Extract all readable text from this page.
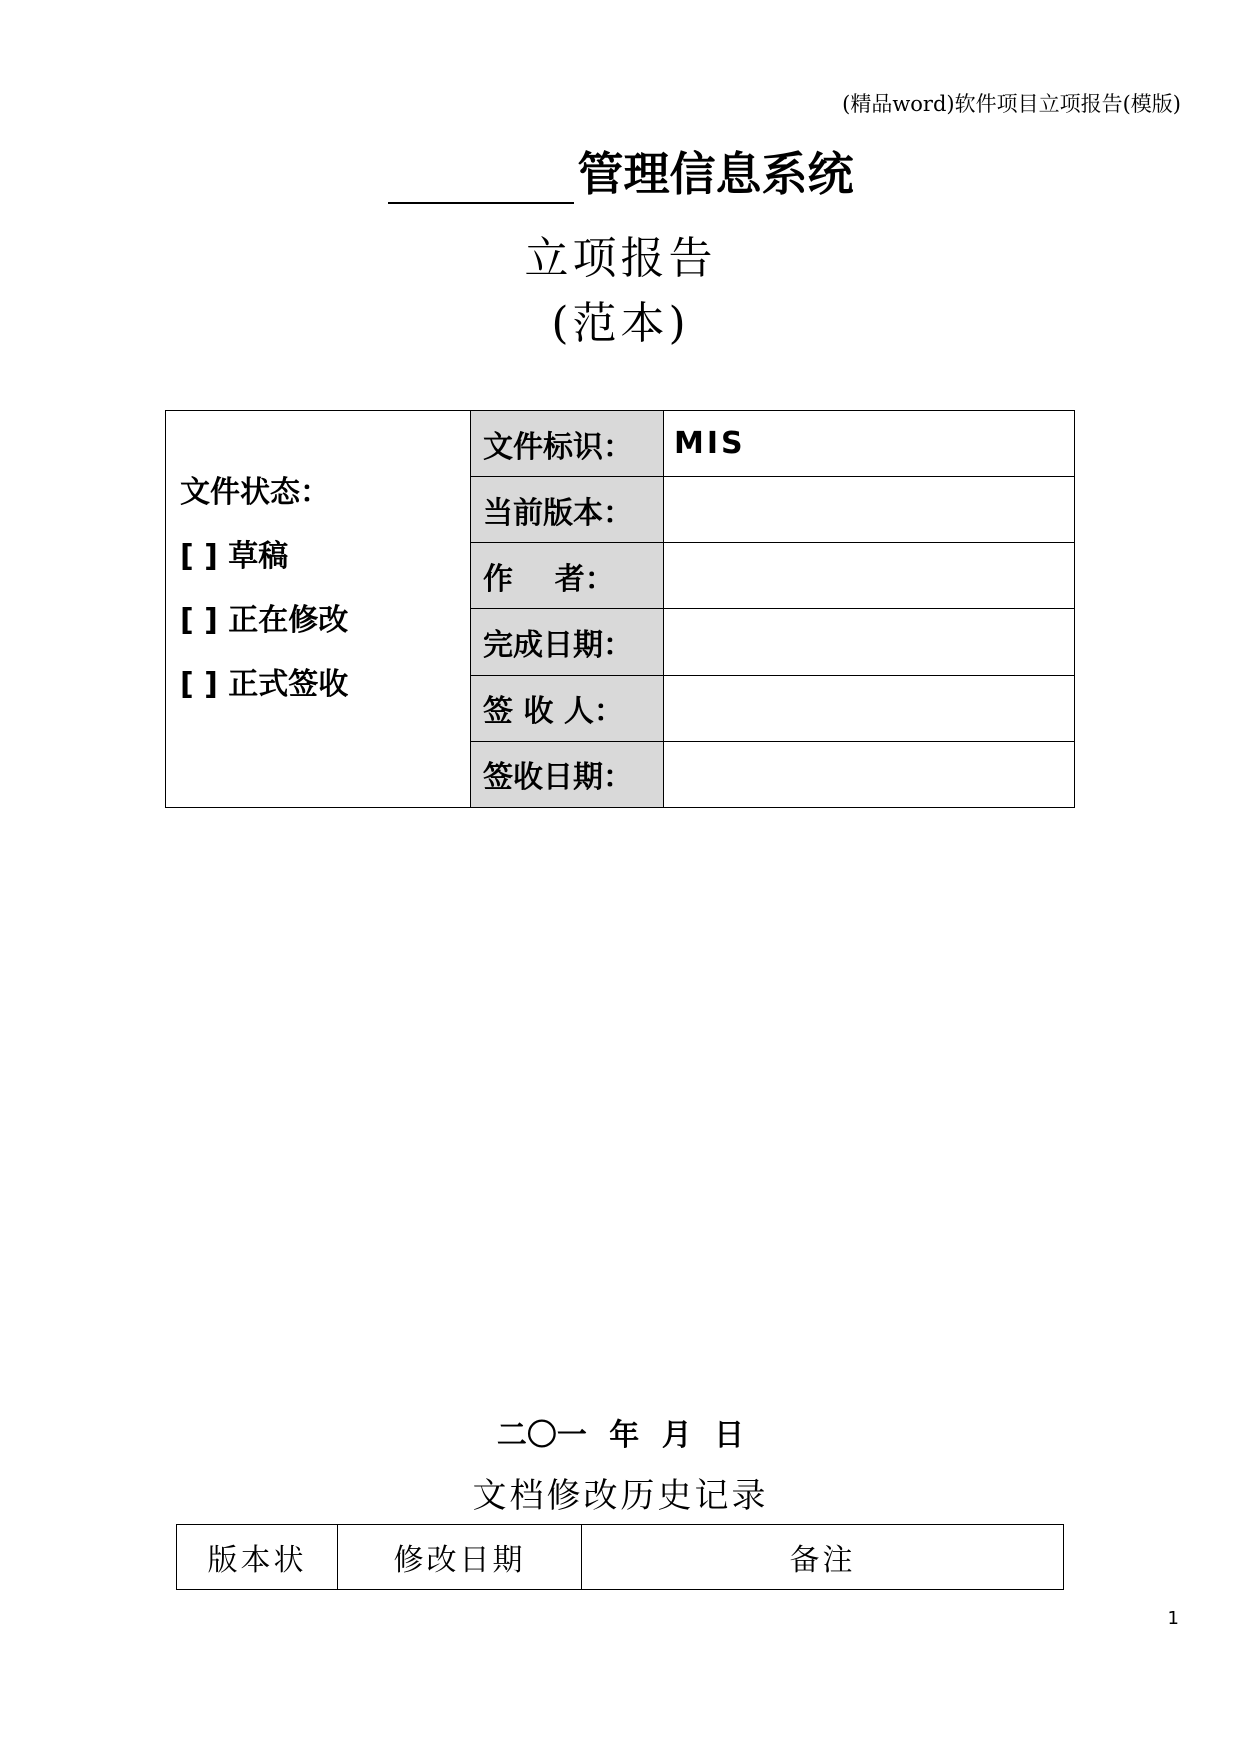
(精品word)软件项目立项报告(模版)
管理信息系统
立项报告
(范本)
文件状态：
[ ] 草稿
[ ] 正在修改
[ ] 正式签收	文件标识：	MIS
	当前版本：	
	作    者：	
	完成日期：	
	签 收 人：	
	签收日期：	
二〇一 年 月 日
文档修改历史记录
版本状	修改日期	备注
1
